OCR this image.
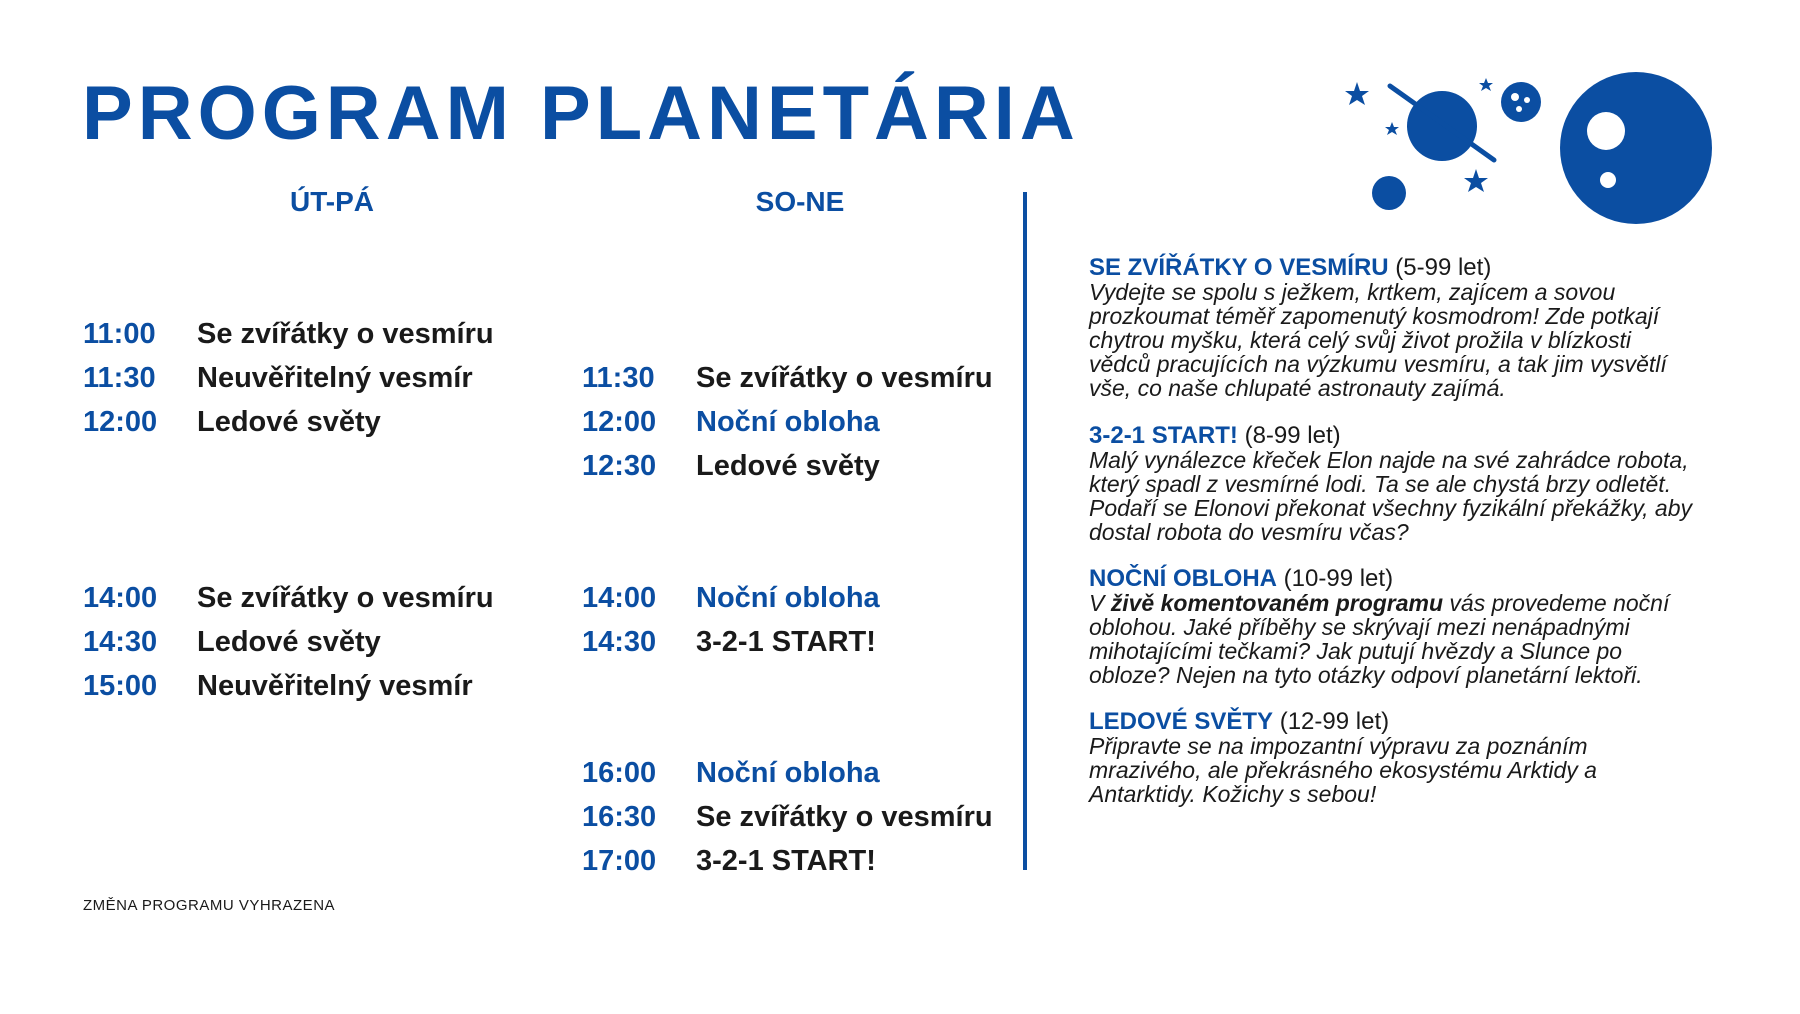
PROGRAM PLANETÁRIA
ÚT-PÁ	SO-NE
11:00	Se zvířátky o vesmíru
11:30	Neuvěřitelný vesmír
12:00	Ledové světy
14:00	Se zvířátky o vesmíru
14:30	Ledové světy
15:00	Neuvěřitelný vesmír
11:30	Se zvířátky o vesmíru
12:00	Noční obloha
12:30	Ledové světy
14:00	Noční obloha
14:30	3-2-1 START!
16:00	Noční obloha
16:30	Se zvířátky o vesmíru
17:00	3-2-1 START!
SE ZVÍŘÁTKY O VESMÍRU (5-99 let)
Vydejte se spolu s ježkem, krtkem, zajícem a sovou
prozkoumat téměř zapomenutý kosmodrom! Zde potkají
chytrou myšku, která celý svůj život prožila v blízkosti
vědců pracujících na výzkumu vesmíru, a tak jim vysvětlí
vše, co naše chlupaté astronauty zajímá.
3-2-1 START! (8-99 let)
Malý vynálezce křeček Elon najde na své zahrádce robota,
který spadl z vesmírné lodi. Ta se ale chystá brzy odletět.
Podaří se Elonovi překonat všechny fyzikální překážky, aby
dostal robota do vesmíru včas?
NOČNÍ OBLOHA (10-99 let)
V živě komentovaném programu vás provedeme noční
oblohou. Jaké příběhy se skrývají mezi nenápadnými
mihotajícími tečkami? Jak putují hvězdy a Slunce po
obloze? Nejen na tyto otázky odpoví planetární lektoři.
LEDOVÉ SVĚTY (12-99 let)
Připravte se na impozantní výpravu za poznáním
mrazivého, ale překrásného ekosystému Arktidy a
Antarktidy. Kožichy s sebou!
ZMĚNA PROGRAMU VYHRAZENA
